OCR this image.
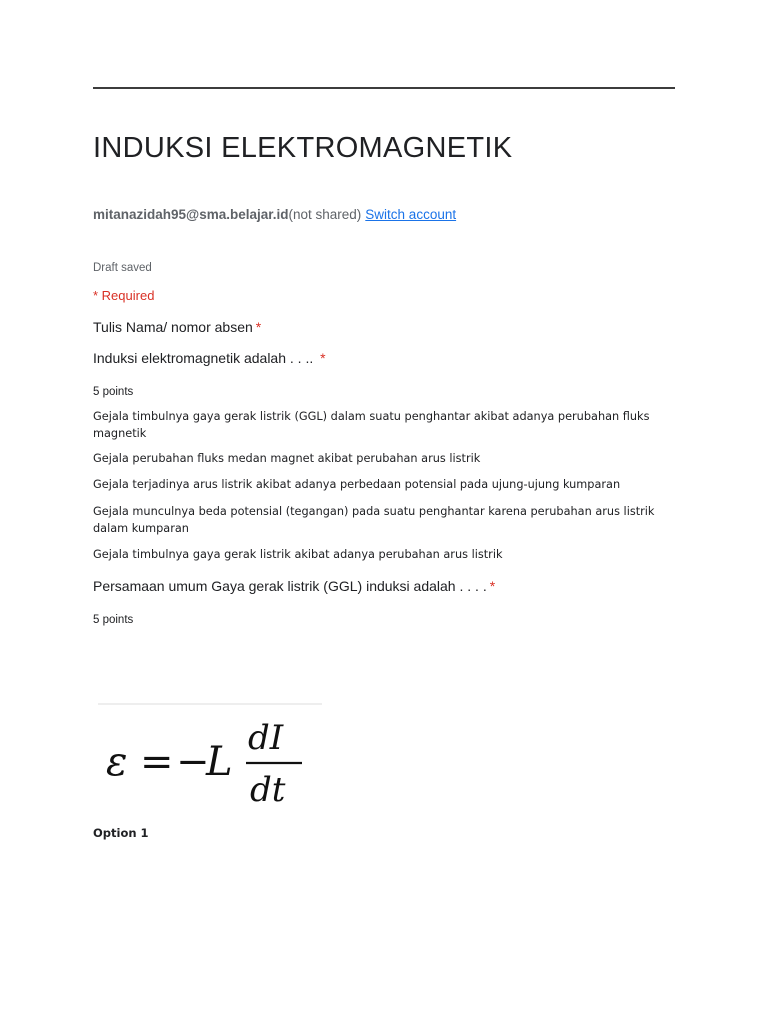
INDUKSI ELEKTROMAGNETIK
mitanazidah95@sma.belajar.id(not shared) Switch account
Draft saved
* Required
Tulis Nama/ nomor absen *
Induksi elektromagnetik adalah . . .. *
5 points
Gejala timbulnya gaya gerak listrik (GGL) dalam suatu penghantar akibat adanya perubahan fluks magnetik
Gejala perubahan fluks medan magnet akibat perubahan arus listrik
Gejala terjadinya arus listrik akibat adanya perbedaan potensial pada ujung-ujung kumparan
Gejala munculnya beda potensial (tegangan) pada suatu penghantar karena perubahan arus listrik dalam kumparan
Gejala timbulnya gaya gerak listrik akibat adanya perubahan arus listrik
Persamaan umum Gaya gerak listrik (GGL) induksi adalah . . . . *
5 points
ε = −
L
dI
dt
Option 1
